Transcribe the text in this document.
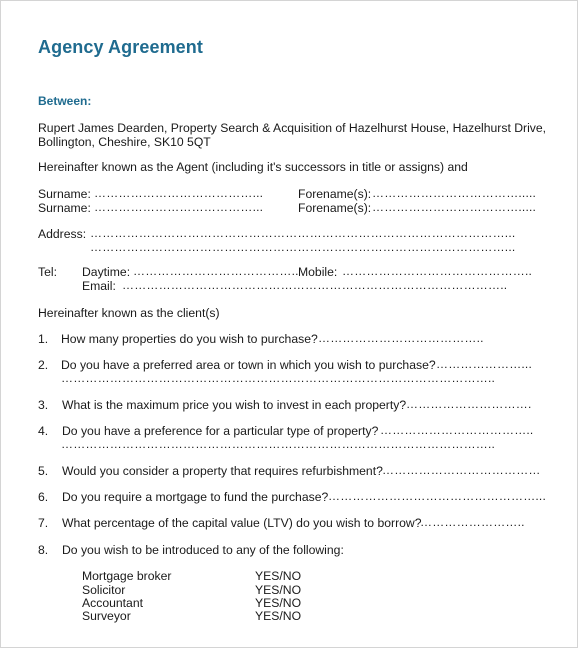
Agency Agreement
Between:
Rupert James Dearden, Property Search & Acquisition of Hazelhurst House, Hazelhurst Drive,
Bollington, Cheshire, SK10 5QT
Hereinafter known as the Agent (including it's successors in title or assigns) and
Surname: …………………………………...	Forename(s): ……………………………….....
Surname: …………………………………...	Forename(s): ……………………………….....
Address: …………………………………………………………………………………………...
…………………………………………………………………………………………...
Tel: Daytime: ………………………………….. Mobile: ………………………………………..
Email: …………………………………………………………………………………..
Hereinafter known as the client(s)
1. How many properties do you wish to purchase? …………………………………..
2. Do you have a preferred area or town in which you wish to purchase? …………………...
……………………………………………………………………………………………..
3. What is the maximum price you wish to invest in each property? ………………………….
4. Do you have a preference for a particular type of property? ………………………………..
……………………………………………………………………………………………..
5. Would you consider a property that requires refurbishment? …………………………………
6. Do you require a mortgage to fund the purchase? ……………………………………………...
7. What percentage of the capital value (LTV) do you wish to borrow?
……………………..
8. Do you wish to be introduced to any of the following:
Mortgage broker	YES/NO
Solicitor	YES/NO
Accountant	YES/NO
Surveyor	YES/NO
